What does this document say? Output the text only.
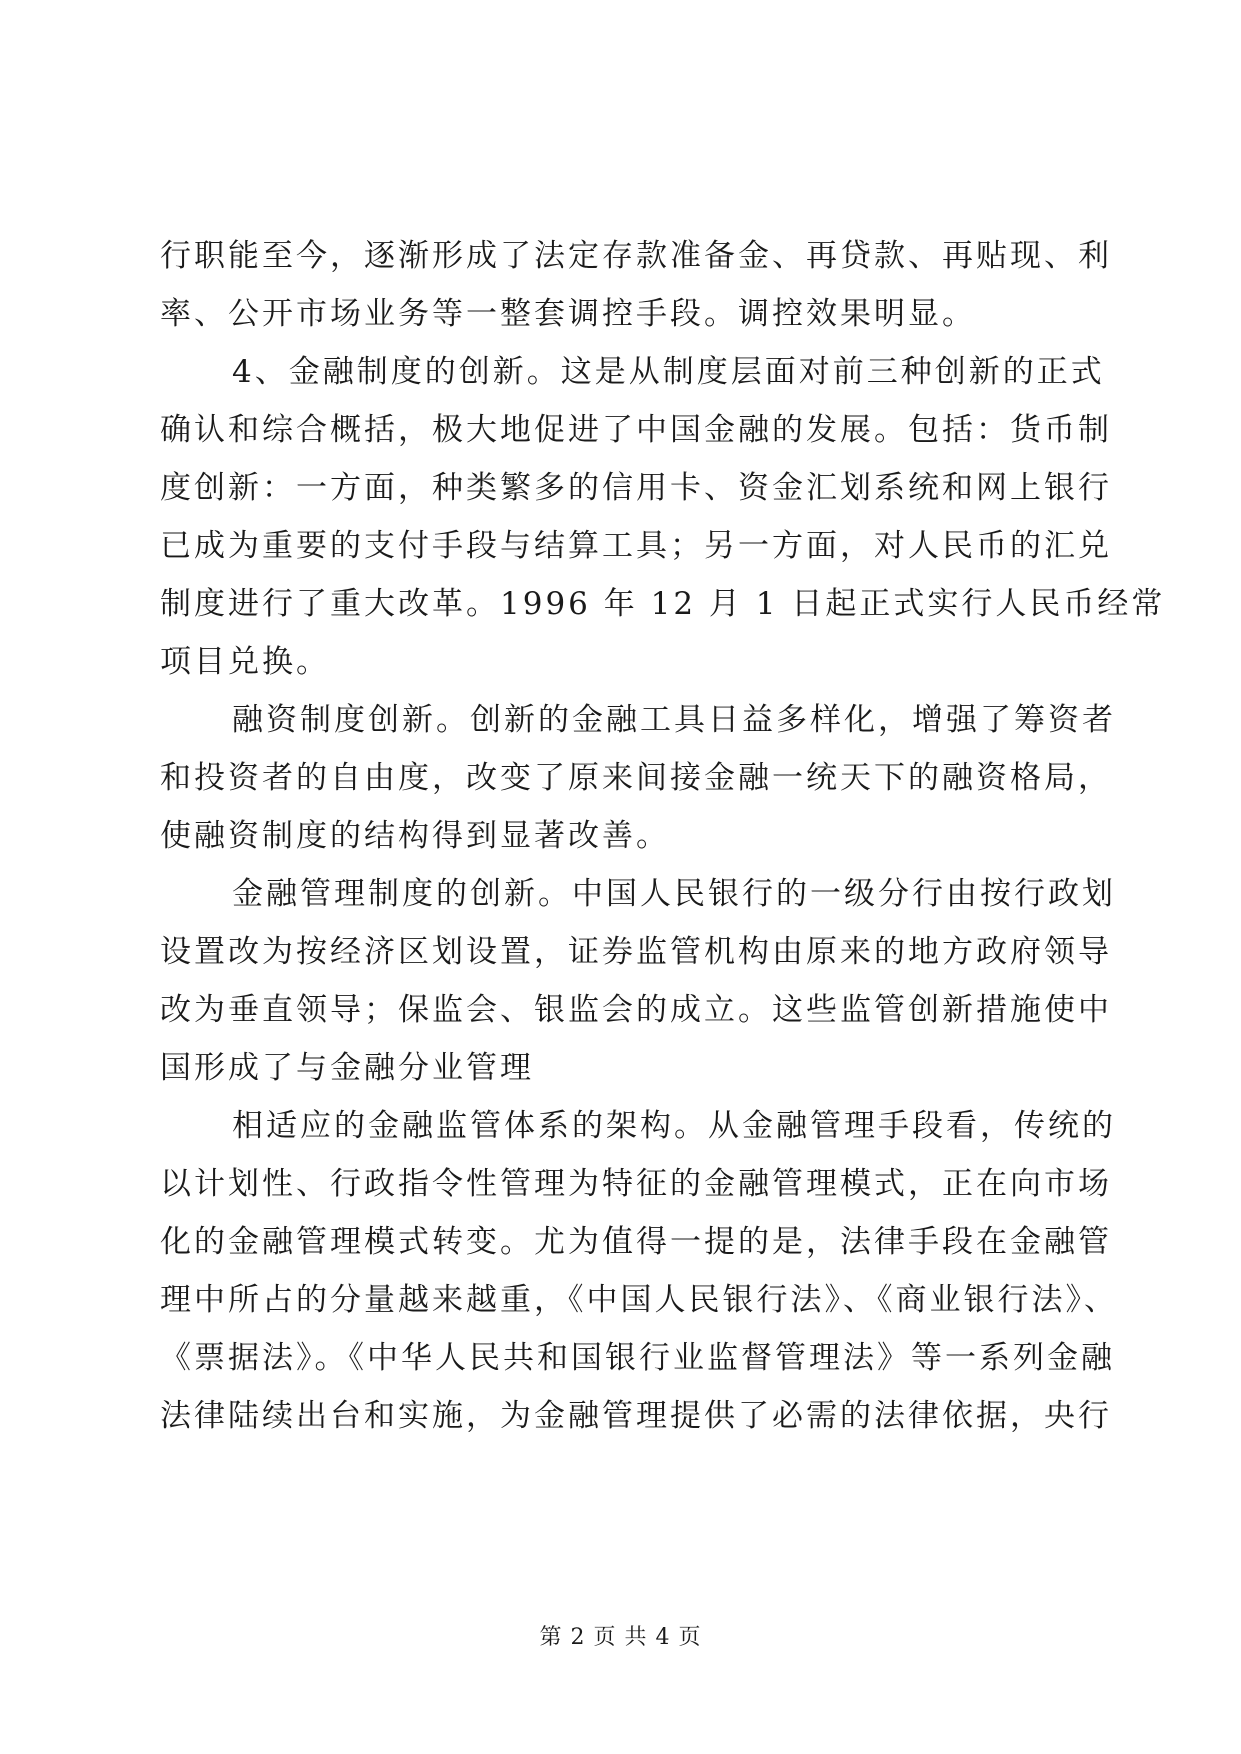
行职能至今，逐渐形成了法定存款准备金、再贷款、再贴现、利
率、公开市场业务等一整套调控手段。调控效果明显。
4、金融制度的创新。这是从制度层面对前三种创新的正式
确认和综合概括，极大地促进了中国金融的发展。包括：货币制
度创新：一方面，种类繁多的信用卡、资金汇划系统和网上银行
已成为重要的支付手段与结算工具；另一方面，对人民币的汇兑
制度进行了重大改革。1996 年 12 月 1 日起正式实行人民币经常
项目兑换。
融资制度创新。创新的金融工具日益多样化，增强了筹资者
和投资者的自由度，改变了原来间接金融一统天下的融资格局，
使融资制度的结构得到显著改善。
金融管理制度的创新。中国人民银行的一级分行由按行政划
设置改为按经济区划设置，证券监管机构由原来的地方政府领导
改为垂直领导；保监会、银监会的成立。这些监管创新措施使中
国形成了与金融分业管理
相适应的金融监管体系的架构。从金融管理手段看，传统的
以计划性、行政指令性管理为特征的金融管理模式，正在向市场
化的金融管理模式转变。尤为值得一提的是，法律手段在金融管
理中所占的分量越来越重，《中国人民银行法》、《商业银行法》、
《票据法》。《中华人民共和国银行业监督管理法》等一系列金融
法律陆续出台和实施，为金融管理提供了必需的法律依据，央行
第 2 页 共 4 页
